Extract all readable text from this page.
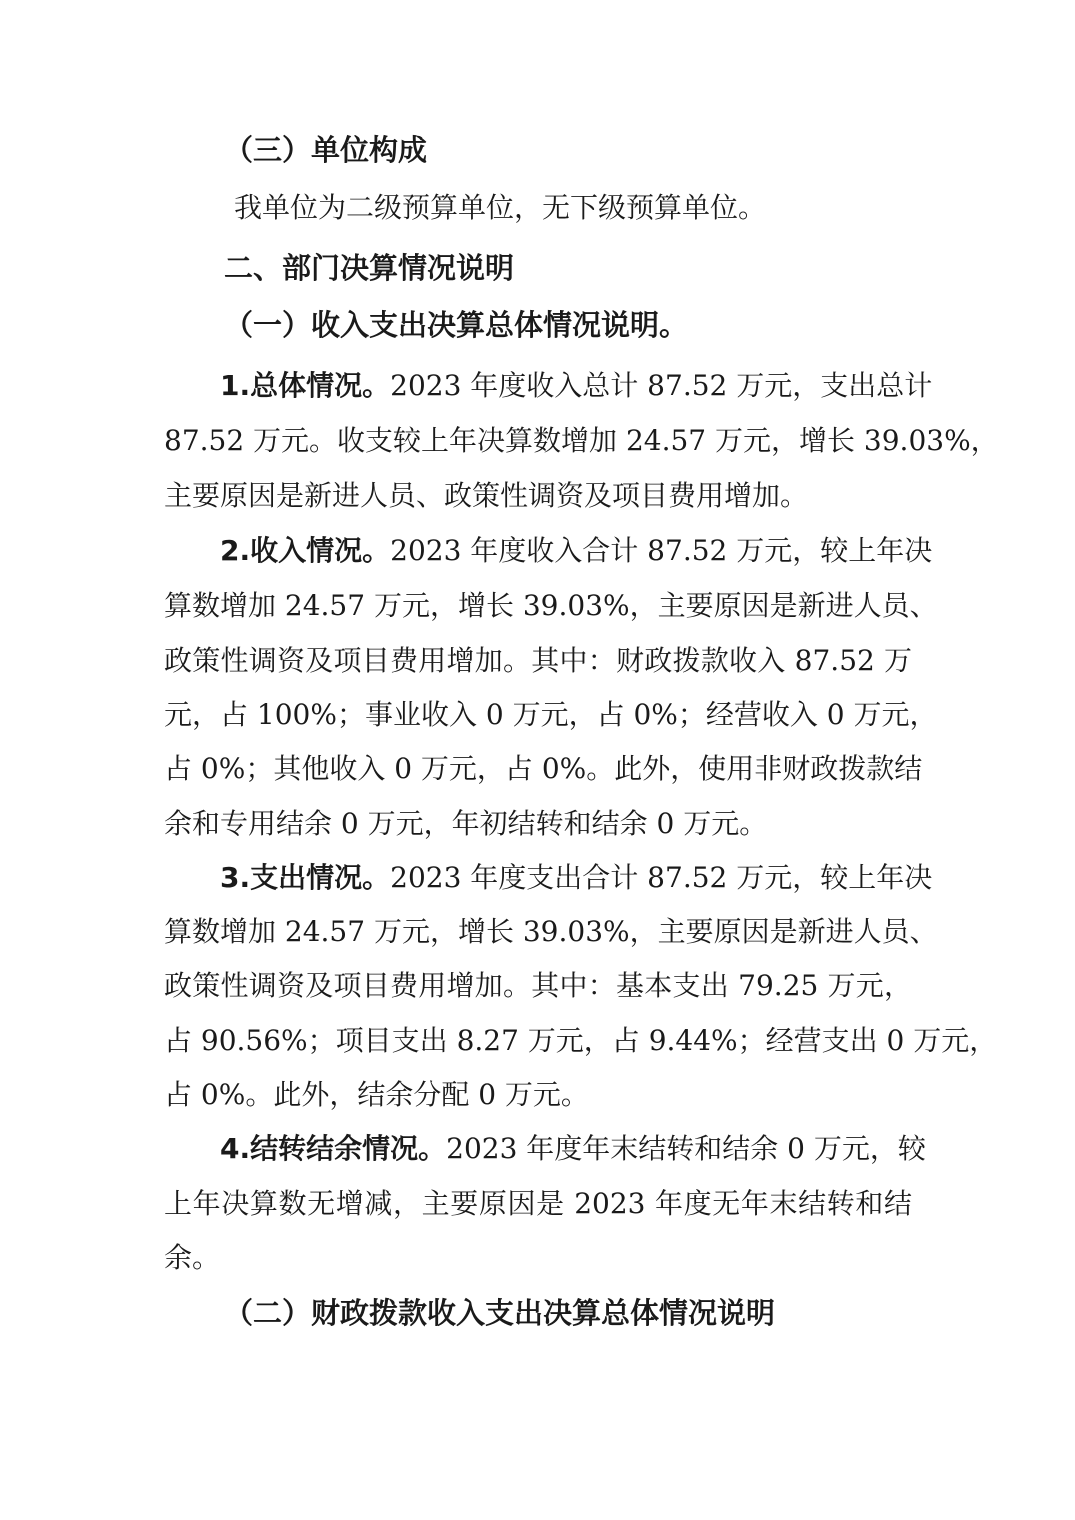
（三）单位构成
我单位为二级预算单位，无下级预算单位。
二、部门决算情况说明
（一）收入支出决算总体情况说明。
1.总体情况。2023 年度收入总计 87.52 万元，支出总计
87.52 万元。收支较上年决算数增加 24.57 万元，增长 39.03%，
主要原因是新进人员、政策性调资及项目费用增加。
2.收入情况。2023 年度收入合计 87.52 万元，较上年决
算数增加 24.57 万元，增长 39.03%，主要原因是新进人员、
政策性调资及项目费用增加。其中：财政拨款收入 87.52 万
元，占 100%；事业收入 0 万元，占 0%；经营收入 0 万元，
占 0%；其他收入 0 万元，占 0%。此外，使用非财政拨款结
余和专用结余 0 万元，年初结转和结余 0 万元。
3.支出情况。2023 年度支出合计 87.52 万元，较上年决
算数增加 24.57 万元，增长 39.03%，主要原因是新进人员、
政策性调资及项目费用增加。其中：基本支出 79.25 万元，
占 90.56%；项目支出 8.27 万元，占 9.44%；经营支出 0 万元，
占 0%。此外，结余分配 0 万元。
4.结转结余情况。2023 年度年末结转和结余 0 万元，较
上年决算数无增减，主要原因是 2023 年度无年末结转和结
余。
（二）财政拨款收入支出决算总体情况说明
